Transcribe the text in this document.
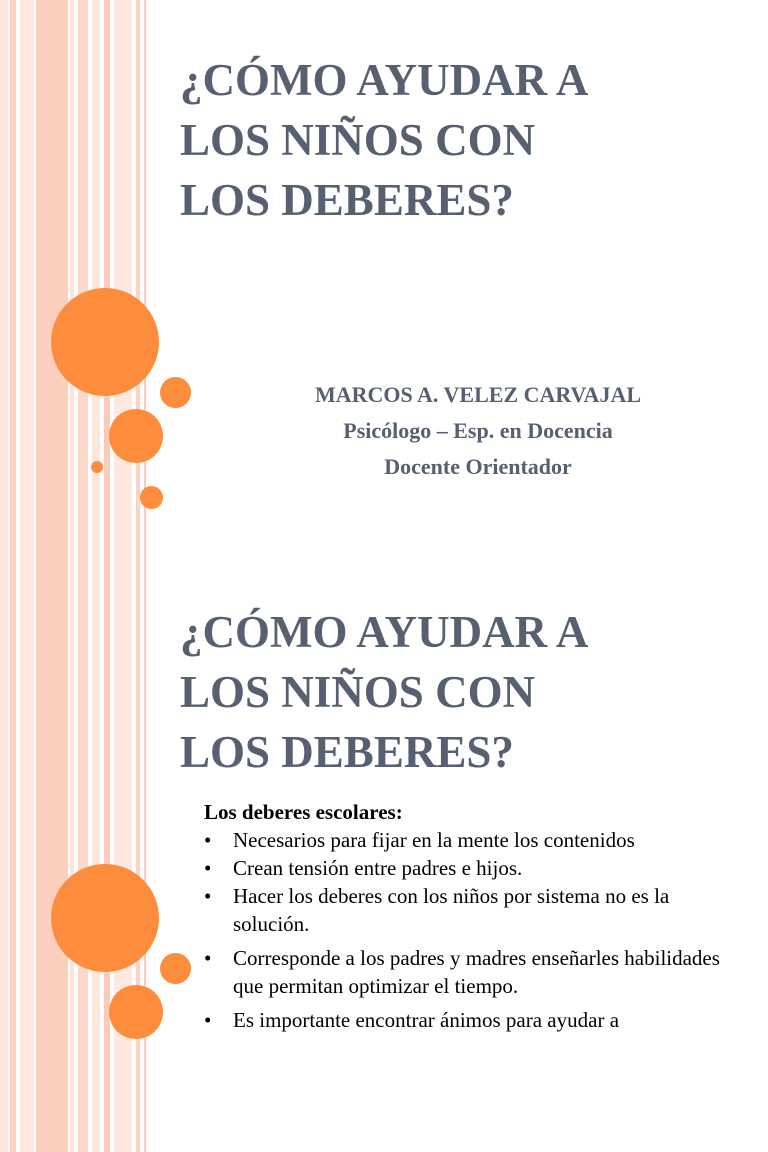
¿CÓMO AYUDAR A
LOS NIÑOS CON
LOS DEBERES?
MARCOS A. VELEZ CARVAJAL
Psicólogo – Esp. en Docencia
Docente Orientador
¿CÓMO AYUDAR A
LOS NIÑOS CON
LOS DEBERES?
Los deberes escolares:
• Necesarios para fijar en la mente los contenidos
• Crean tensión entre padres e hijos.
• Hacer los deberes con los niños por sistema no es la solución.
• Corresponde a los padres y madres enseñarles habilidades que permitan optimizar el tiempo.
• Es importante encontrar ánimos para ayudar a
